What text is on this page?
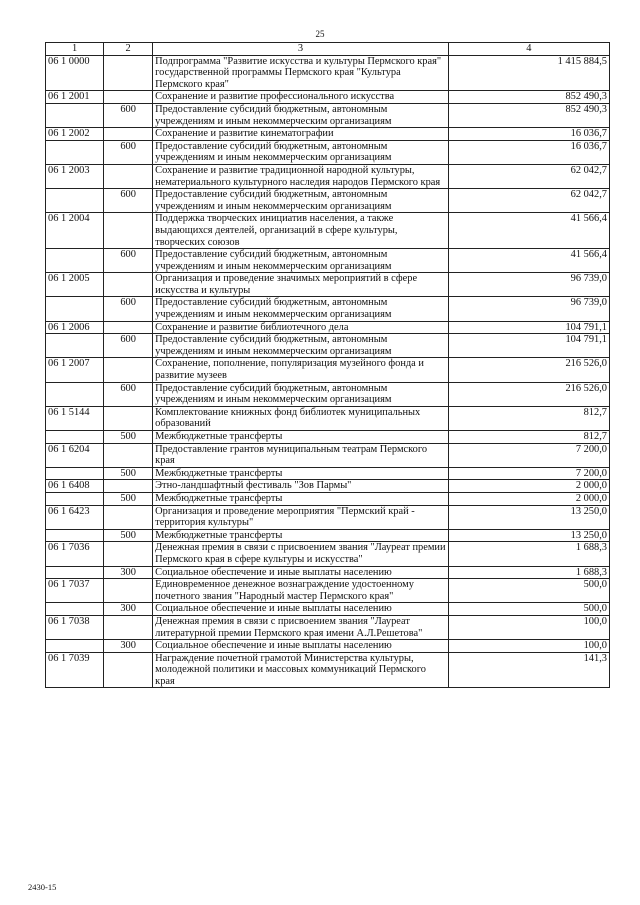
25
1	2	3	4
06 1 0000		Подпрограмма "Развитие искусства и культуры Пермского края" государственной программы Пермского края "Культура Пермского края"	1 415 884,5
06 1 2001		Сохранение и развитие профессионального искусства	852 490,3
	600	Предоставление субсидий бюджетным, автономным учреждениям и иным некоммерческим организациям	852 490,3
06 1 2002		Сохранение и развитие кинематографии	16 036,7
	600	Предоставление субсидий бюджетным, автономным учреждениям и иным некоммерческим организациям	16 036,7
06 1 2003		Сохранение и развитие традиционной народной культуры, нематериального культурного наследия народов Пермского края	62 042,7
	600	Предоставление субсидий бюджетным, автономным учреждениям и иным некоммерческим организациям	62 042,7
06 1 2004		Поддержка творческих инициатив населения, а также выдающихся деятелей, организаций в сфере культуры, творческих союзов	41 566,4
	600	Предоставление субсидий бюджетным, автономным учреждениям и иным некоммерческим организациям	41 566,4
06 1 2005		Организация и проведение значимых мероприятий в сфере искусства и культуры	96 739,0
	600	Предоставление субсидий бюджетным, автономным учреждениям и иным некоммерческим организациям	96 739,0
06 1 2006		Сохранение и развитие библиотечного дела	104 791,1
	600	Предоставление субсидий бюджетным, автономным учреждениям и иным некоммерческим организациям	104 791,1
06 1 2007		Сохранение, пополнение, популяризация музейного фонда и развитие музеев	216 526,0
	600	Предоставление субсидий бюджетным, автономным учреждениям и иным некоммерческим организациям	216 526,0
06 1 5144		Комплектование книжных фонд библиотек муниципальных образований	812,7
	500	Межбюджетные трансферты	812,7
06 1 6204		Предоставление грантов муниципальным театрам Пермского края	7 200,0
	500	Межбюджетные трансферты	7 200,0
06 1 6408		Этно-ландшафтный фестиваль "Зов Пармы"	2 000,0
	500	Межбюджетные трансферты	2 000,0
06 1 6423		Организация и проведение мероприятия "Пермский край - территория культуры"	13 250,0
	500	Межбюджетные трансферты	13 250,0
06 1 7036		Денежная премия в связи с присвоением звания "Лауреат премии Пермского края в сфере культуры и искусства"	1 688,3
	300	Социальное обеспечение и иные выплаты населению	1 688,3
06 1 7037		Единовременное денежное вознаграждение удостоенному почетного звания "Народный мастер Пермского края"	500,0
	300	Социальное обеспечение и иные выплаты населению	500,0
06 1 7038		Денежная премия в связи с присвоением звания "Лауреат литературной премии Пермского края имени А.Л.Решетова"	100,0
	300	Социальное обеспечение и иные выплаты населению	100,0
06 1 7039		Награждение почетной грамотой Министерства культуры, молодежной политики и массовых коммуникаций Пермского края	141,3
2430-15
